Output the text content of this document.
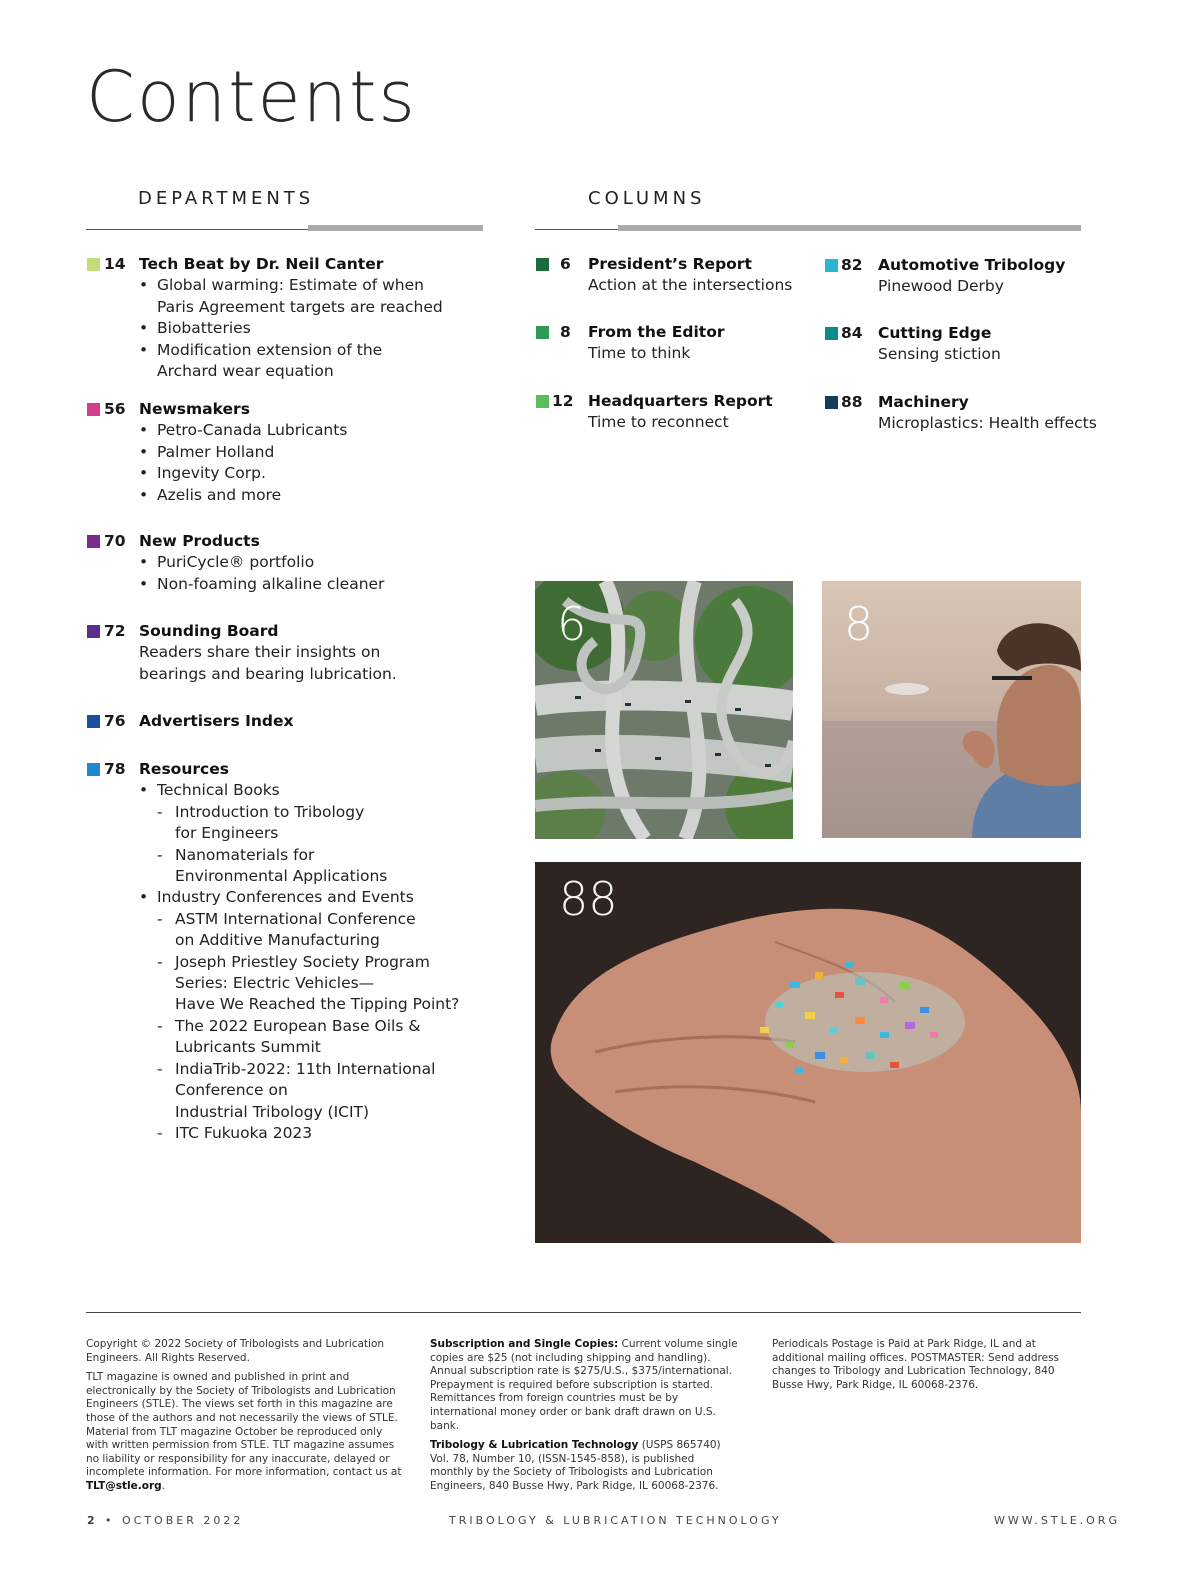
Contents
DEPARTMENTS	COLUMNS
14 Tech Beat by Dr. Neil Canter
• Global warming: Estimate of when
Paris Agreement targets are reached
• Biobatteries
• Modification extension of the
Archard wear equation
56 Newsmakers
• Petro-Canada Lubricants
• Palmer Holland
• Ingevity Corp.
• Azelis and more
70 New Products
• PuriCycle® portfolio
• Non-foaming alkaline cleaner
72 Sounding Board
Readers share their insights on
bearings and bearing lubrication.
76 Advertisers Index
78 Resources
• Technical Books
- Introduction to Tribology
for Engineers
- Nanomaterials for
Environmental Applications
• Industry Conferences and Events
- ASTM International Conference
on Additive Manufacturing
- Joseph Priestley Society Program
Series: Electric Vehicles—
Have We Reached the Tipping Point?
- The 2022 European Base Oils &
Lubricants Summit
- IndiaTrib-2022: 11th International
Conference on
Industrial Tribology (ICIT)
- ITC Fukuoka 2023
6 President’s Report
Action at the intersections
8 From the Editor
Time to think
12 Headquarters Report
Time to reconnect
82 Automotive Tribology
Pinewood Derby
84 Cutting Edge
Sensing stiction
88 Machinery
Microplastics: Health effects
6	8
88

Copyright © 2022 Society of Tribologists and Lubrication Engineers. All Rights Reserved.

TLT magazine is owned and published in print and electronically by the Society of Tribologists and Lubrication Engineers (STLE). The views set forth in this magazine are those of the authors and not necessarily the views of STLE. Material from TLT magazine October be reproduced only with written permission from STLE. TLT magazine assumes no liability or responsibility for any inaccurate, delayed or incomplete information. For more information, contact us at TLT@stle.org.

Subscription and Single Copies: Current volume single copies are $25 (not including shipping and handling). Annual subscription rate is $275/U.S., $375/international. Prepayment is required before subscription is started. Remittances from foreign countries must be by international money order or bank draft drawn on U.S. bank.

Tribology & Lubrication Technology (USPS 865740) Vol. 78, Number 10, (ISSN-1545-858), is published monthly by the Society of Tribologists and Lubrication Engineers, 840 Busse Hwy, Park Ridge, IL 60068-2376.

Periodicals Postage is Paid at Park Ridge, IL and at additional mailing offices. POSTMASTER: Send address changes to Tribology and Lubrication Technology, 840 Busse Hwy, Park Ridge, IL 60068-2376.

2 • OCTOBER 2022	TRIBOLOGY & LUBRICATION TECHNOLOGY	WWW.STLE.ORG
